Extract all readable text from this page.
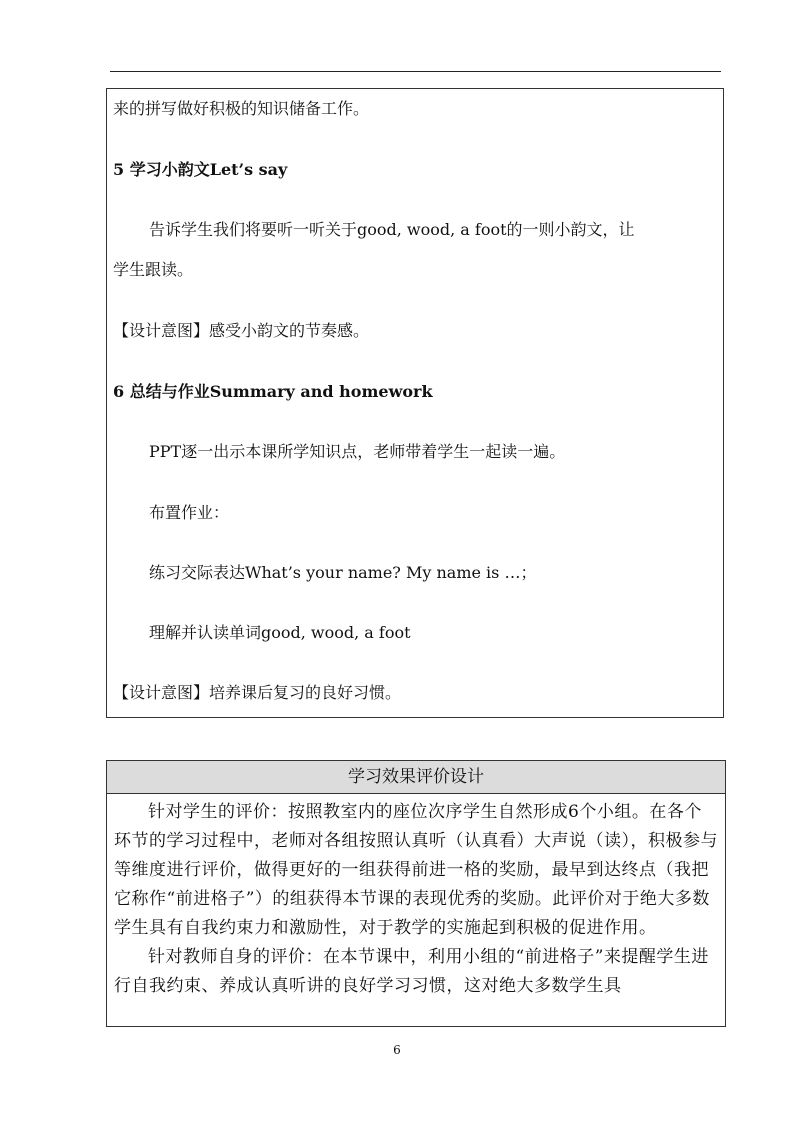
来的拼写做好积极的知识储备工作。
5 学习小韵文Let’s say
告诉学生我们将要听一听关于good, wood, a foot的一则小韵文，让
学生跟读。
【设计意图】感受小韵文的节奏感。
6 总结与作业Summary and homework
PPT逐一出示本课所学知识点，老师带着学生一起读一遍。
布置作业：
练习交际表达What’s your name? My name is …；
理解并认读单词good, wood, a foot
【设计意图】培养课后复习的良好习惯。
学习效果评价设计

针对学生的评价：按照教室内的座位次序学生自然形成6个小组。在各个环节的学习过程中，老师对各组按照认真听（认真看）大声说（读），积极参与等维度进行评价，做得更好的一组获得前进一格的奖励，最早到达终点（我把它称作“前进格子”）的组获得本节课的表现优秀的奖励。此评价对于绝大多数学生具有自我约束力和激励性，对于教学的实施起到积极的促进作用。

针对教师自身的评价：在本节课中，利用小组的“前进格子”来提醒学生进行自我约束、养成认真听讲的良好学习习惯，这对绝大多数学生具

6
